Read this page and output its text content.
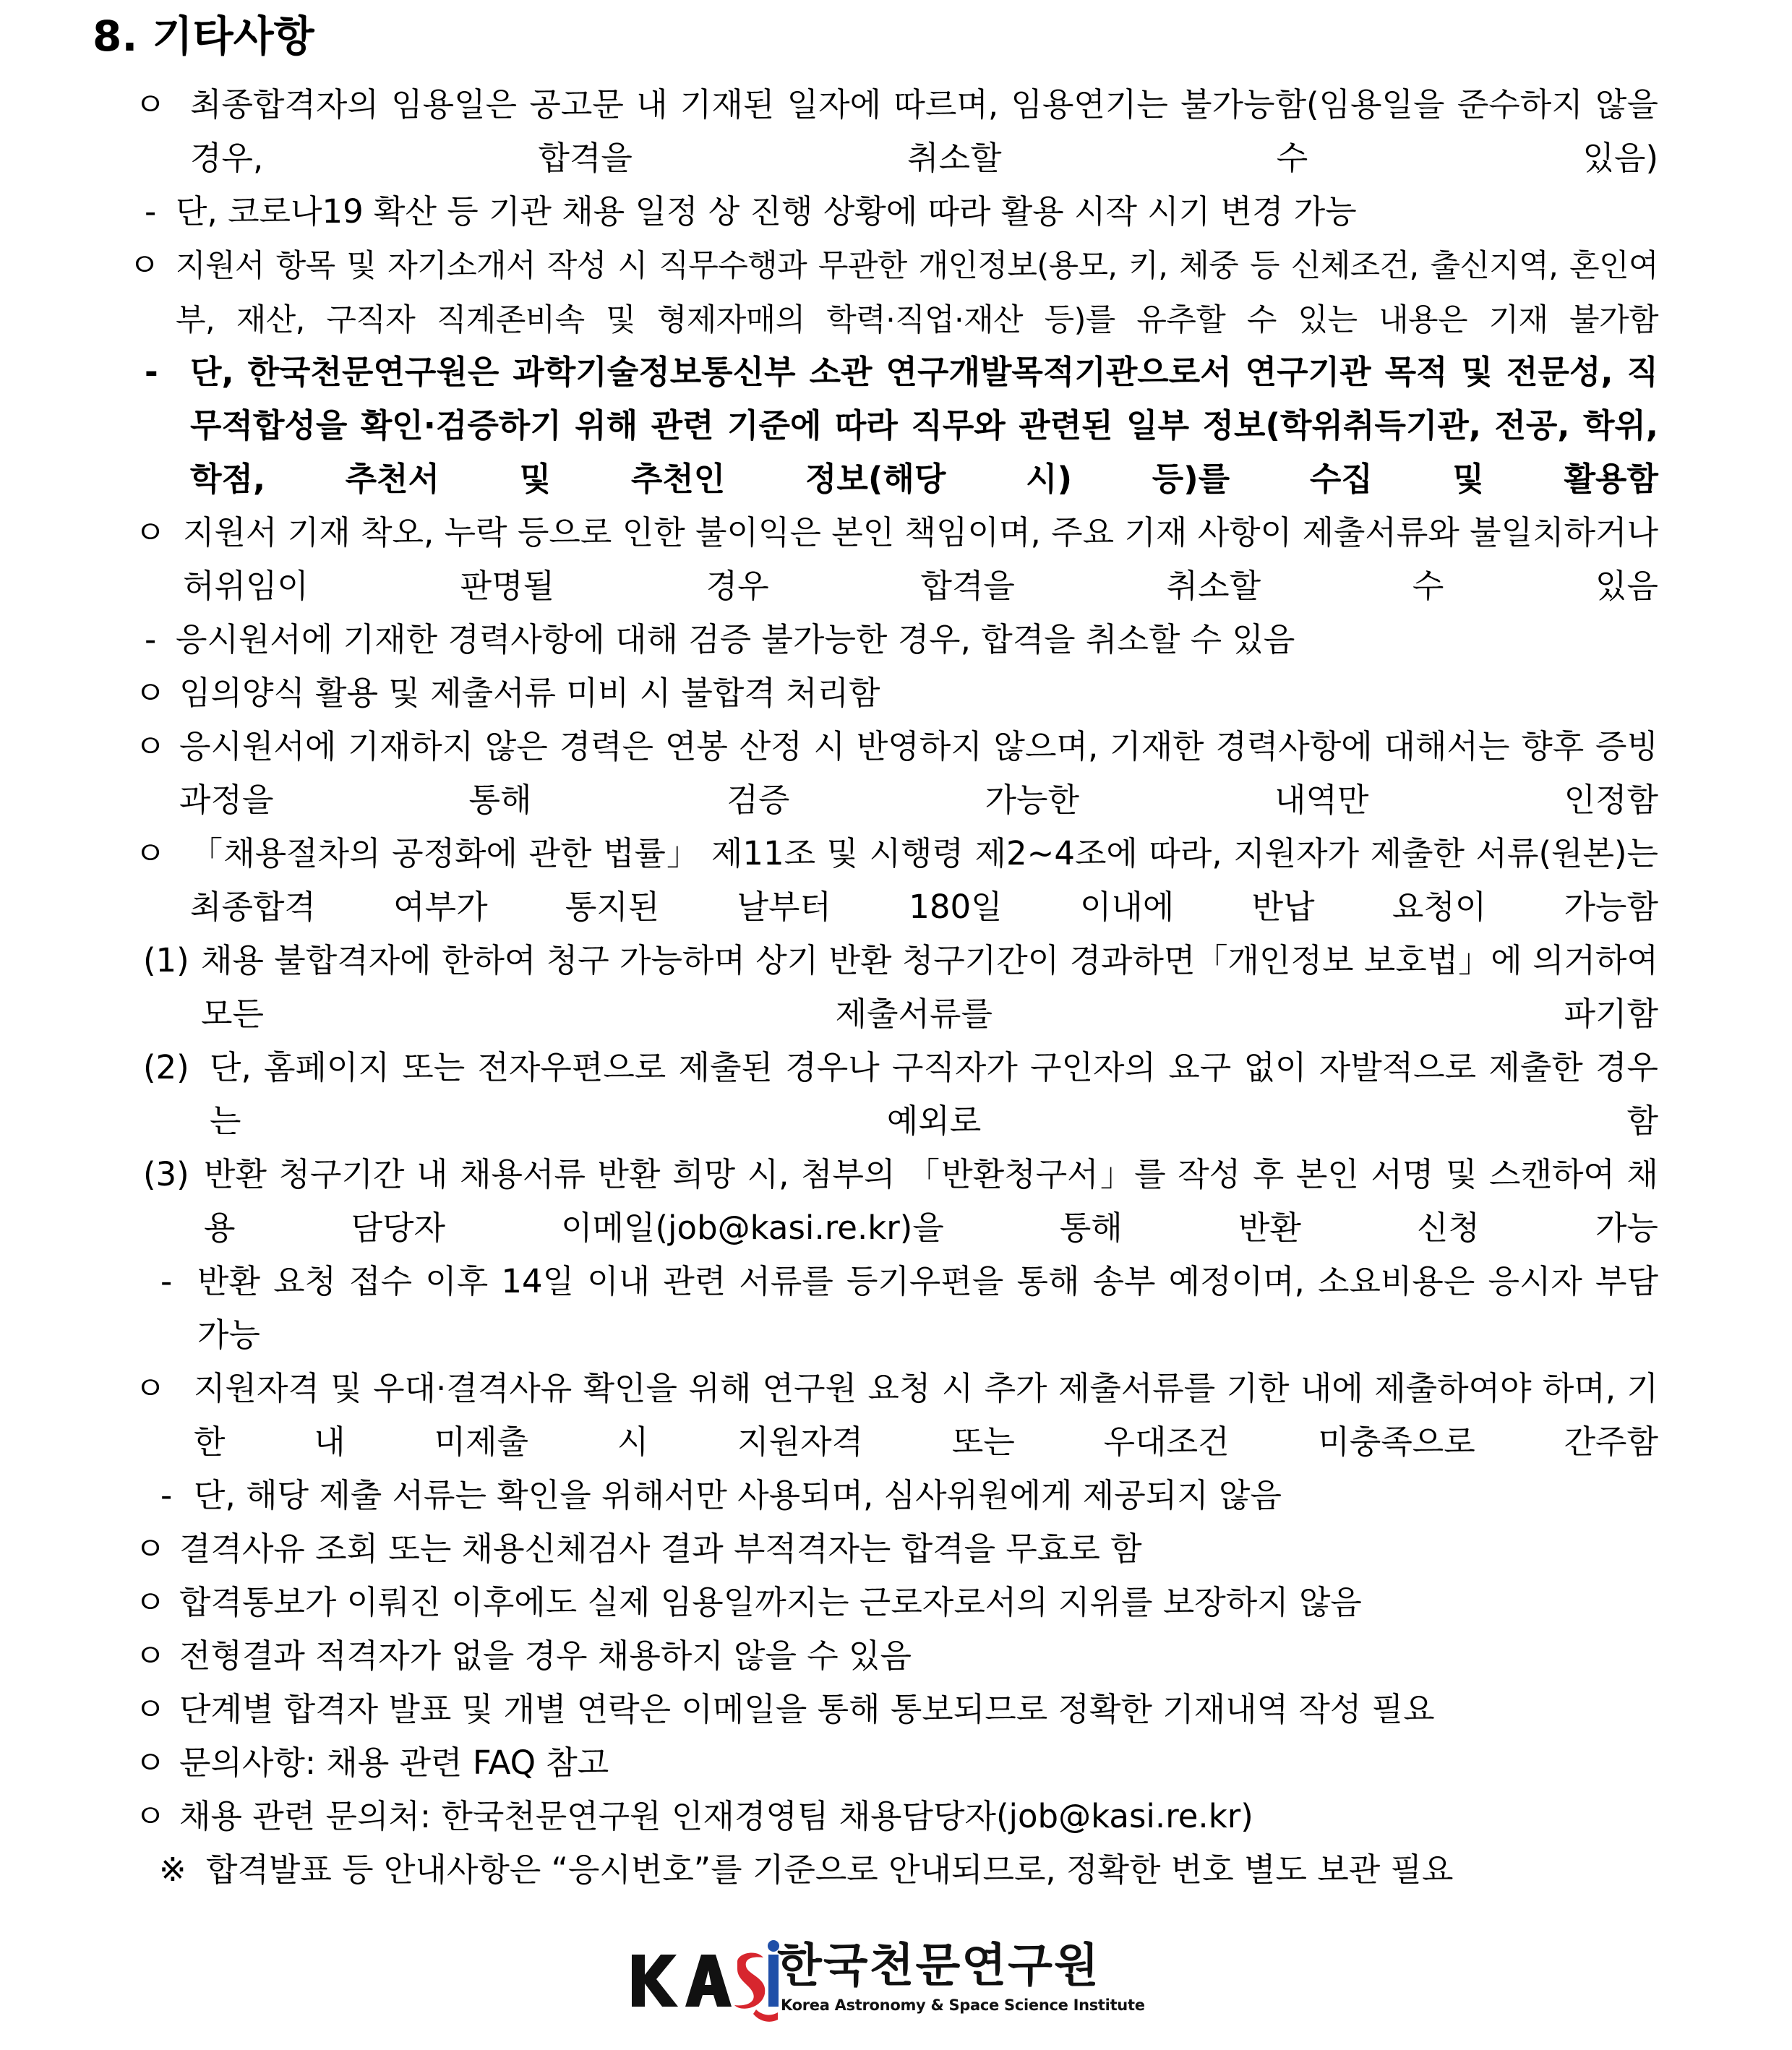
8. 기타사항
ㅇ 최종합격자의 임용일은 공고문 내 기재된 일자에 따르며, 임용연기는 불가능함(임용일을 준수하지 않을 경우, 합격을 취소할 수 있음)
- 단, 코로나19 확산 등 기관 채용 일정 상 진행 상황에 따라 활용 시작 시기 변경 가능
ㅇ 지원서 항목 및 자기소개서 작성 시 직무수행과 무관한 개인정보(용모, 키, 체중 등 신체조건, 출신지역, 혼인여부, 재산, 구직자 직계존비속 및 형제자매의 학력·직업·재산 등)를 유추할 수 있는 내용은 기재 불가함
- 단, 한국천문연구원은 과학기술정보통신부 소관 연구개발목적기관으로서 연구기관 목적 및 전문성, 직무적합성을 확인·검증하기 위해 관련 기준에 따라 직무와 관련된 일부 정보(학위취득기관, 전공, 학위, 학점, 추천서 및 추천인 정보(해당 시) 등)를 수집 및 활용함
ㅇ 지원서 기재 착오, 누락 등으로 인한 불이익은 본인 책임이며, 주요 기재 사항이 제출서류와 불일치하거나 허위임이 판명될 경우 합격을 취소할 수 있음
- 응시원서에 기재한 경력사항에 대해 검증 불가능한 경우, 합격을 취소할 수 있음
ㅇ 임의양식 활용 및 제출서류 미비 시 불합격 처리함
ㅇ 응시원서에 기재하지 않은 경력은 연봉 산정 시 반영하지 않으며, 기재한 경력사항에 대해서는 향후 증빙 과정을 통해 검증 가능한 내역만 인정함
ㅇ 「채용절차의 공정화에 관한 법률」 제11조 및 시행령 제2~4조에 따라, 지원자가 제출한 서류(원본)는 최종합격 여부가 통지된 날부터 180일 이내에 반납 요청이 가능함
(1) 채용 불합격자에 한하여 청구 가능하며 상기 반환 청구기간이 경과하면「개인정보 보호법」에 의거하여 모든 제출서류를 파기함
(2) 단, 홈페이지 또는 전자우편으로 제출된 경우나 구직자가 구인자의 요구 없이 자발적으로 제출한 경우는 예외로 함
(3) 반환 청구기간 내 채용서류 반환 희망 시, 첨부의 「반환청구서」를 작성 후 본인 서명 및 스캔하여 채용 담당자 이메일(job@kasi.re.kr)을 통해 반환 신청 가능
- 반환 요청 접수 이후 14일 이내 관련 서류를 등기우편을 통해 송부 예정이며, 소요비용은 응시자 부담 가능
ㅇ 지원자격 및 우대·결격사유 확인을 위해 연구원 요청 시 추가 제출서류를 기한 내에 제출하여야 하며, 기한 내 미제출 시 지원자격 또는 우대조건 미충족으로 간주함
- 단, 해당 제출 서류는 확인을 위해서만 사용되며, 심사위원에게 제공되지 않음
ㅇ 결격사유 조회 또는 채용신체검사 결과 부적격자는 합격을 무효로 함
ㅇ 합격통보가 이뤄진 이후에도 실제 임용일까지는 근로자로서의 지위를 보장하지 않음
ㅇ 전형결과 적격자가 없을 경우 채용하지 않을 수 있음
ㅇ 단계별 합격자 발표 및 개별 연락은 이메일을 통해 통보되므로 정확한 기재내역 작성 필요
ㅇ 문의사항: 채용 관련 FAQ 참고
ㅇ 채용 관련 문의처: 한국천문연구원 인재경영팀 채용담당자(job@kasi.re.kr)
※ 합격발표 등 안내사항은 “응시번호”를 기준으로 안내되므로, 정확한 번호 별도 보관 필요
한국천문연구원
Korea Astronomy & Space Science Institute
